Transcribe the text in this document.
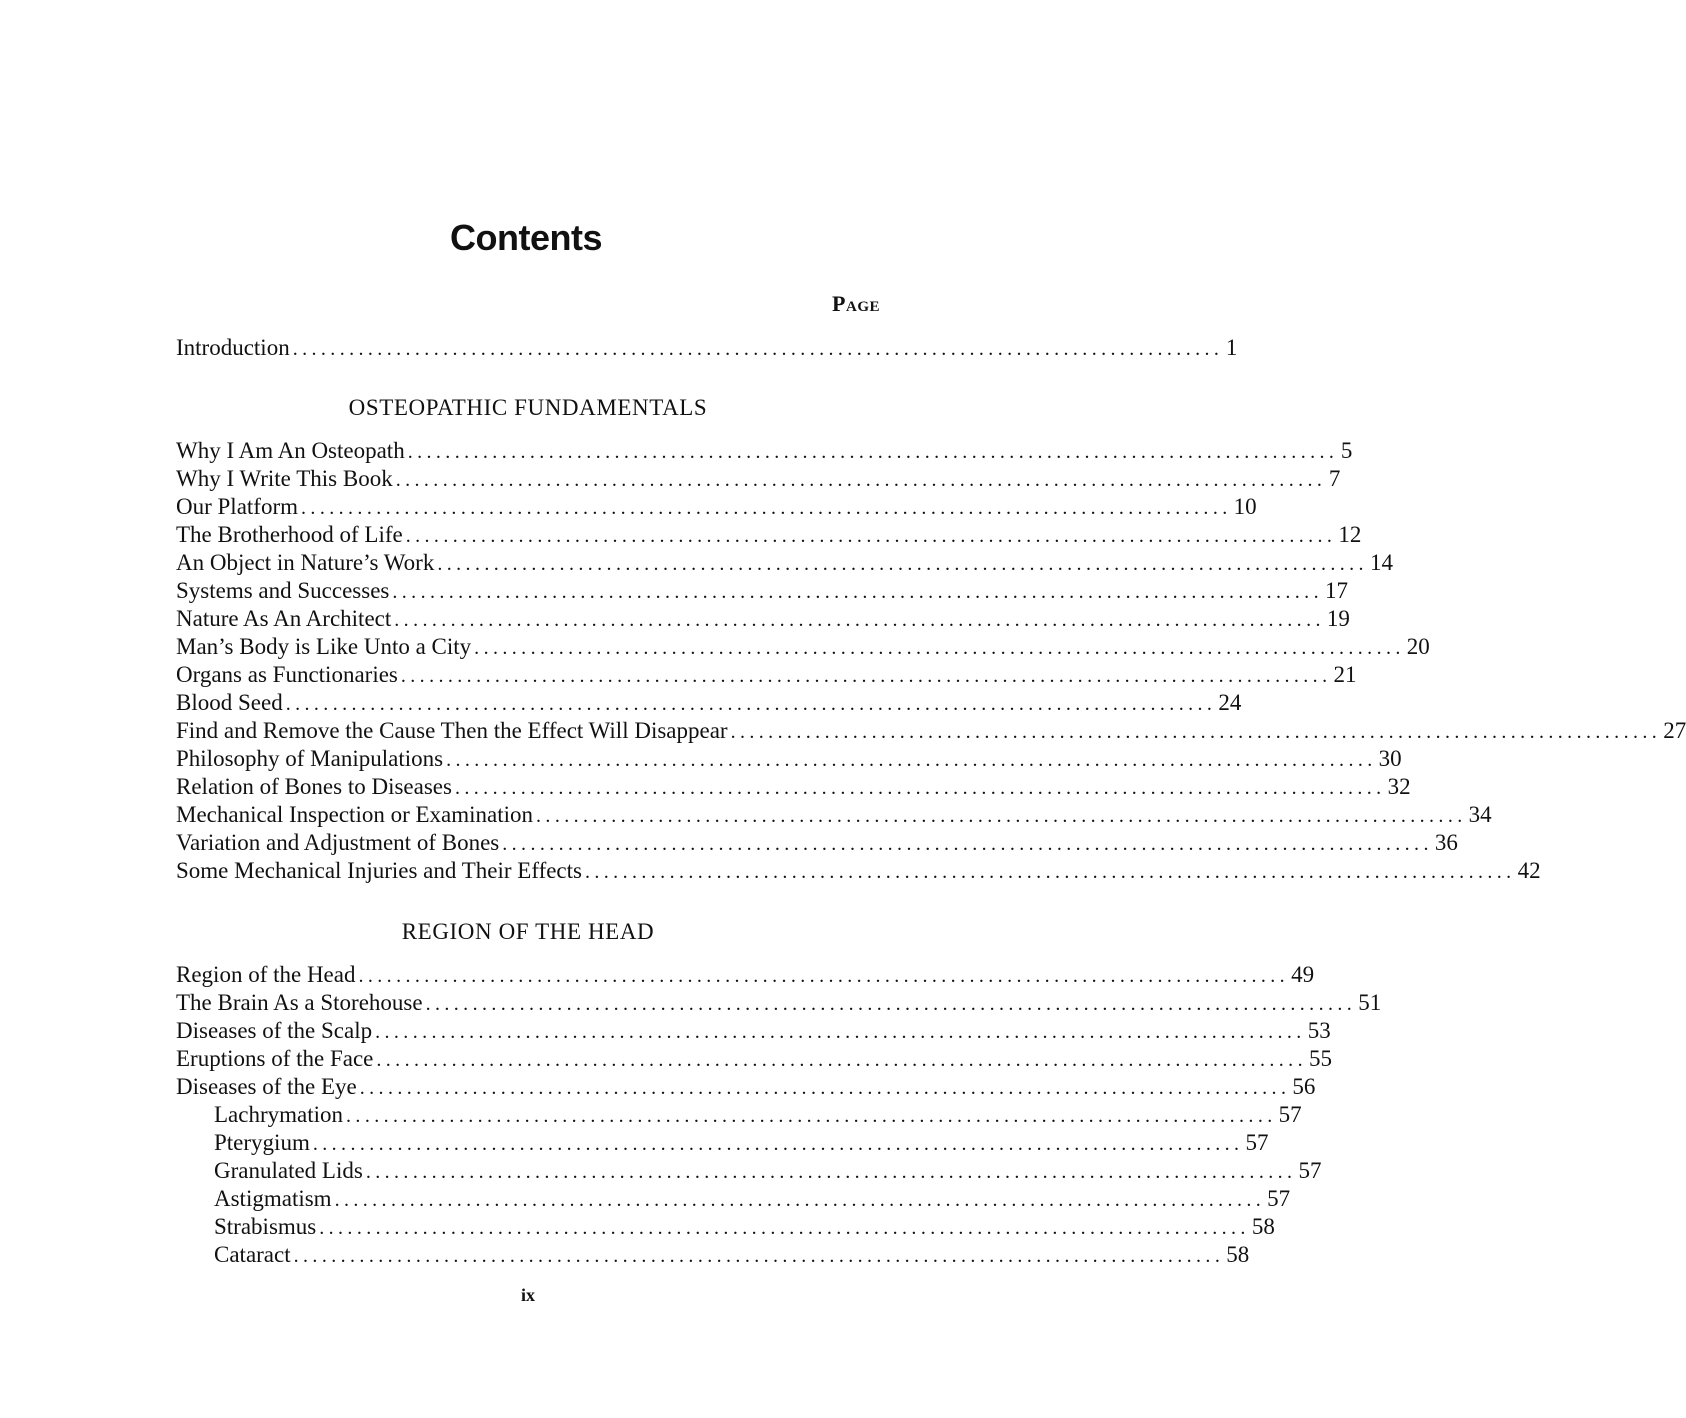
Contents
Page
Introduction ................................................................................................... 1
OSTEOPATHIC FUNDAMENTALS
Why I Am An Osteopath ................................................................................................... 5
Why I Write This Book ................................................................................................... 7
Our Platform ................................................................................................... 10
The Brotherhood of Life ................................................................................................... 12
An Object in Nature’s Work ................................................................................................... 14
Systems and Successes ................................................................................................... 17
Nature As An Architect ................................................................................................... 19
Man’s Body is Like Unto a City ................................................................................................... 20
Organs as Functionaries ................................................................................................... 21
Blood Seed ................................................................................................... 24
Find and Remove the Cause Then the Effect Will Disappear ................................................................................................... 27
Philosophy of Manipulations ................................................................................................... 30
Relation of Bones to Diseases ................................................................................................... 32
Mechanical Inspection or Examination ................................................................................................... 34
Variation and Adjustment of Bones ................................................................................................... 36
Some Mechanical Injuries and Their Effects ................................................................................................... 42
REGION OF THE HEAD
Region of the Head ................................................................................................... 49
The Brain As a Storehouse ................................................................................................... 51
Diseases of the Scalp ................................................................................................... 53
Eruptions of the Face ................................................................................................... 55
Diseases of the Eye ................................................................................................... 56
Lachrymation ................................................................................................... 57
Pterygium ................................................................................................... 57
Granulated Lids ................................................................................................... 57
Astigmatism ................................................................................................... 57
Strabismus ................................................................................................... 58
Cataract ................................................................................................... 58
ix
